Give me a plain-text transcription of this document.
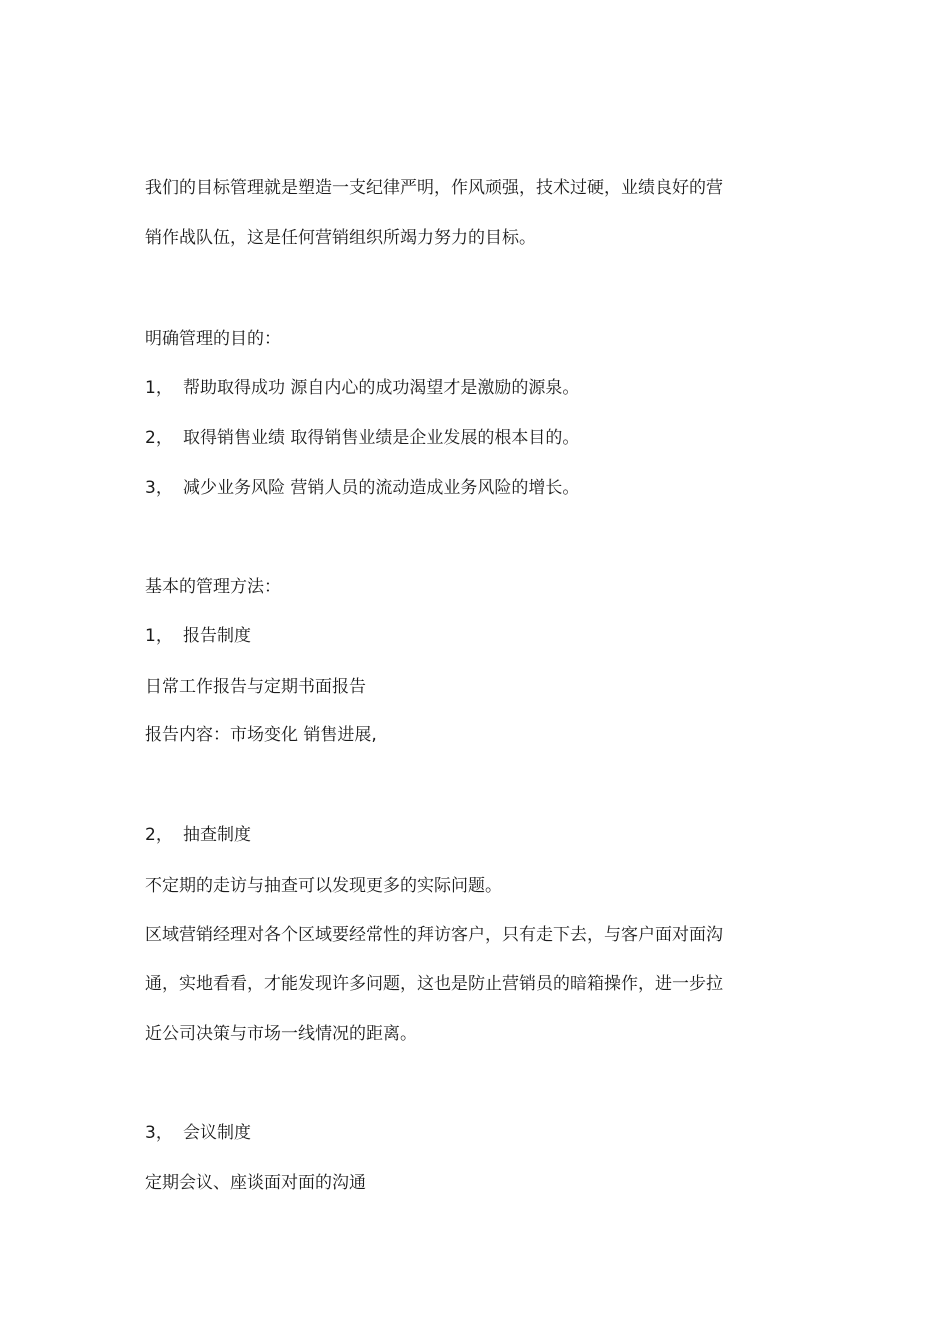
我们的目标管理就是塑造一支纪律严明，作风顽强，技术过硬，业绩良好的营
销作战队伍，这是任何营销组织所竭力努力的目标。
明确管理的目的：
1， 帮助取得成功 源自内心的成功渴望才是激励的源泉。
2， 取得销售业绩 取得销售业绩是企业发展的根本目的。
3， 减少业务风险 营销人员的流动造成业务风险的增长。
基本的管理方法：
1， 报告制度
日常工作报告与定期书面报告
报告内容：市场变化 销售进展,
2， 抽查制度
不定期的走访与抽查可以发现更多的实际问题。
区域营销经理对各个区域要经常性的拜访客户，只有走下去，与客户面对面沟
通，实地看看，才能发现许多问题，这也是防止营销员的暗箱操作，进一步拉
近公司决策与市场一线情况的距离。
3， 会议制度
定期会议、座谈面对面的沟通
